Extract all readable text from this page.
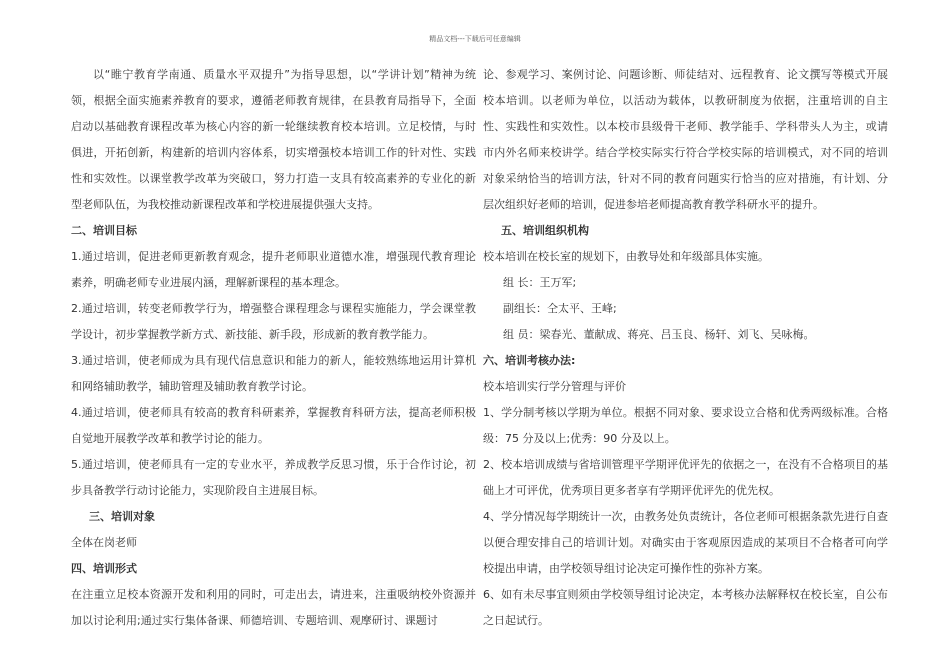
精品文档---下载后可任意编辑

以“睢宁教育学南通、质量水平双提升”为指导思想，以“学讲计划”精神为统领，根据全面实施素养教育的要求，遵循老师教育规律，在县教育局指导下，全面启动以基础教育课程改革为核心内容的新一轮继续教育校本培训。立足校情，与时俱进，开拓创新，构建新的培训内容体系，切实增强校本培训工作的针对性、实践性和实效性。以课堂教学改革为突破口，努力打造一支具有较高素养的专业化的新型老师队伍，为我校推动新课程改革和学校进展提供强大支持。

二、培训目标

1.通过培训，促进老师更新教育观念，提升老师职业道德水准，增强现代教育理论素养，明确老师专业进展内涵，理解新课程的基本理念。

2.通过培训，转变老师教学行为，增强整合课程理念与课程实施能力，学会课堂教学设计，初步掌握教学新方式、新技能、新手段，形成新的教育教学能力。

3.通过培训，使老师成为具有现代信息意识和能力的新人，能较熟练地运用计算机和网络辅助教学，辅助管理及辅助教育教学讨论。

4.通过培训，使老师具有较高的教育科研素养，掌握教育科研方法，提高老师积极自觉地开展教学改革和教学讨论的能力。

5.通过培训，使老师具有一定的专业水平，养成教学反思习惯，乐于合作讨论，初步具备教学行动讨论能力，实现阶段自主进展目标。

三、培训对象

全体在岗老师

四、培训形式

在注重立足校本资源开发和利用的同时，可走出去，请进来，注重吸纳校外资源并加以讨论利用;通过实行集体备课、师德培训、专题培训、观摩研讨、课题讨

论、参观学习、案例讨论、问题诊断、师徒结对、远程教育、论文撰写等模式开展校本培训。以老师为单位，以活动为载体，以教研制度为依据，注重培训的自主性、实践性和实效性。以本校市县级骨干老师、教学能手、学科带头人为主，或请市内外名师来校讲学。结合学校实际实行符合学校实际的培训模式，对不同的培训对象采纳恰当的培训方法，针对不同的教育问题实行恰当的应对措施，有计划、分层次组织好老师的培训，促进参培老师提高教育教学科研水平的提升。

五、培训组织机构

校本培训在校长室的规划下，由教导处和年级部具体实施。

组 长：王万军;

副组长：仝太平、王峰;

组 员：梁春光、董献成、蒋亮、吕玉良、杨轩、刘飞、吴咏梅。

六、培训考核办法:

校本培训实行学分管理与评价

1、学分制考核以学期为单位。根据不同对象、要求设立合格和优秀两级标准。合格级：75 分及以上;优秀：90 分及以上。

2、校本培训成绩与省培训管理平学期评优评先的依据之一，在没有不合格项目的基础上才可评优，优秀项目更多者享有学期评优评先的优先权。

4、学分情况每学期统计一次，由教务处负责统计，各位老师可根据条款先进行自查以便合理安排自己的培训计划。对确实由于客观原因造成的某项目不合格者可向学校提出申请，由学校领导组讨论决定可操作性的弥补方案。

6、如有未尽事宜则须由学校领导组讨论决定，本考核办法解释权在校长室，自公布之日起试行。
